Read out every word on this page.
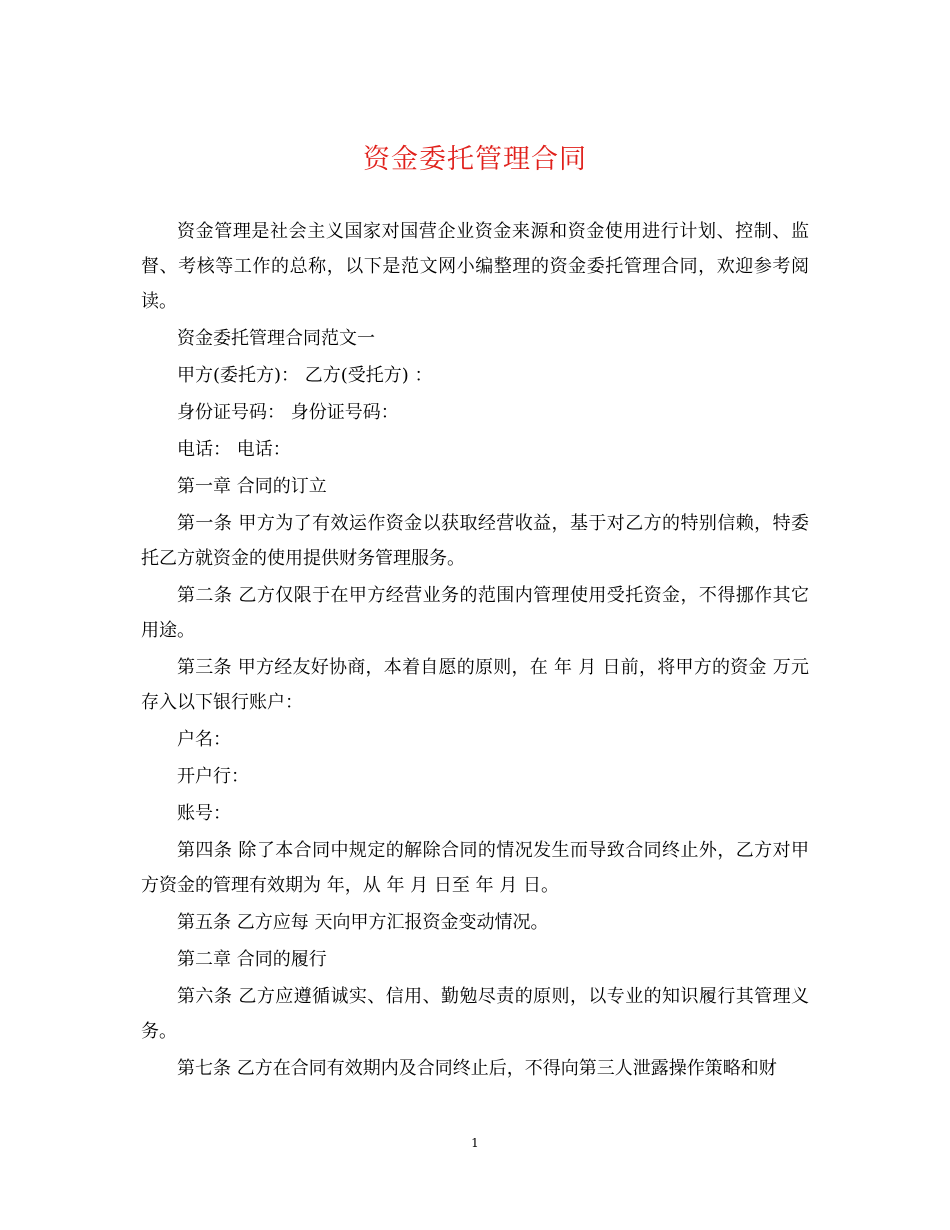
资金委托管理合同

资金管理是社会主义国家对国营企业资金来源和资金使用进行计划、控制、监督、考核等工作的总称，以下是范文网小编整理的资金委托管理合同，欢迎参考阅读。

资金委托管理合同范文一

甲方(委托方)： 乙方(受托方) ：

身份证号码： 身份证号码：

电话： 电话：

第一章 合同的订立

第一条 甲方为了有效运作资金以获取经营收益，基于对乙方的特别信赖，特委托乙方就资金的使用提供财务管理服务。

第二条 乙方仅限于在甲方经营业务的范围内管理使用受托资金，不得挪作其它用途。

第三条 甲方经友好协商，本着自愿的原则，在 年 月 日前，将甲方的资金 万元存入以下银行账户：

户名：

开户行：

账号：

第四条 除了本合同中规定的解除合同的情况发生而导致合同终止外，乙方对甲方资金的管理有效期为 年，从 年 月 日至 年 月 日。

第五条 乙方应每 天向甲方汇报资金变动情况。

第二章 合同的履行

第六条 乙方应遵循诚实、信用、勤勉尽责的原则，以专业的知识履行其管理义务。

第七条 乙方在合同有效期内及合同终止后，不得向第三人泄露操作策略和财

1
